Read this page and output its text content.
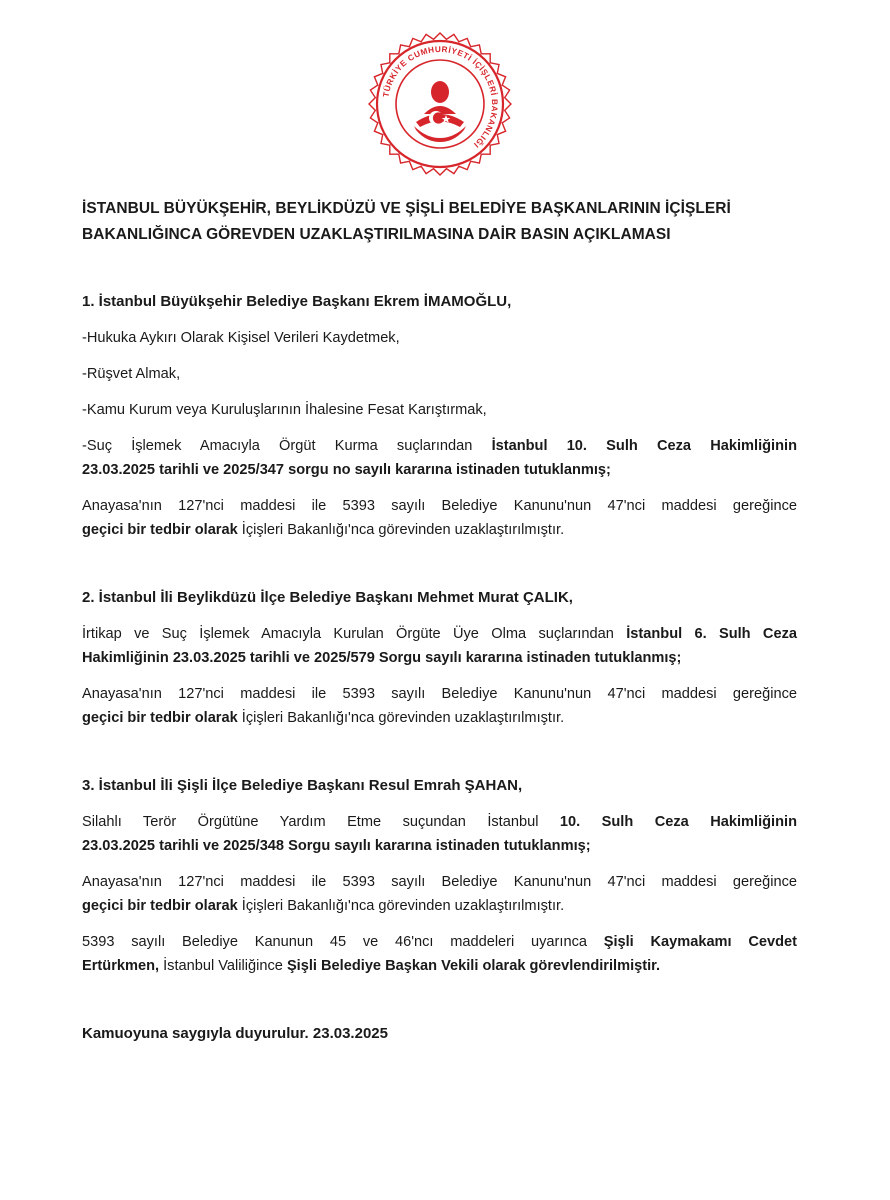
TÜRKİYE CUMHURİYETİ İÇİŞLERİ BAKANLIĞI
İSTANBUL BÜYÜKŞEHİR, BEYLİKDÜZÜ VE ŞİŞLİ BELEDİYE BAŞKANLARININ İÇİŞLERİ
BAKANLIĞINCA GÖREVDEN UZAKLAŞTIRILMASINA DAİR BASIN AÇIKLAMASI
1. İstanbul Büyükşehir Belediye Başkanı Ekrem İMAMOĞLU,
-Hukuka Aykırı Olarak Kişisel Verileri Kaydetmek,
-Rüşvet Almak,
-Kamu Kurum veya Kuruluşlarının İhalesine Fesat Karıştırmak,
-Suç İşlemek Amacıyla Örgüt Kurma suçlarından İstanbul 10. Sulh Ceza Hakimliğinin
23.03.2025 tarihli ve 2025/347 sorgu no sayılı kararına istinaden tutuklanmış;
Anayasa'nın 127'nci maddesi ile 5393 sayılı Belediye Kanunu'nun 47'nci maddesi gereğince
geçici bir tedbir olarak İçişleri Bakanlığı'nca görevinden uzaklaştırılmıştır.
2. İstanbul İli Beylikdüzü İlçe Belediye Başkanı Mehmet Murat ÇALIK,
İrtikap ve Suç İşlemek Amacıyla Kurulan Örgüte Üye Olma suçlarından İstanbul 6. Sulh Ceza
Hakimliğinin 23.03.2025 tarihli ve 2025/579 Sorgu sayılı kararına istinaden tutuklanmış;
Anayasa'nın 127'nci maddesi ile 5393 sayılı Belediye Kanunu'nun 47'nci maddesi gereğince
geçici bir tedbir olarak İçişleri Bakanlığı'nca görevinden uzaklaştırılmıştır.
3. İstanbul İli Şişli İlçe Belediye Başkanı Resul Emrah ŞAHAN,
Silahlı Terör Örgütüne Yardım Etme suçundan İstanbul 10. Sulh Ceza Hakimliğinin
23.03.2025 tarihli ve 2025/348 Sorgu sayılı kararına istinaden tutuklanmış;
Anayasa'nın 127'nci maddesi ile 5393 sayılı Belediye Kanunu'nun 47'nci maddesi gereğince
geçici bir tedbir olarak İçişleri Bakanlığı'nca görevinden uzaklaştırılmıştır.
5393 sayılı Belediye Kanunun 45 ve 46'ncı maddeleri uyarınca Şişli Kaymakamı Cevdet
Ertürkmen, İstanbul Valiliğince Şişli Belediye Başkan Vekili olarak görevlendirilmiştir.
Kamuoyuna saygıyla duyurulur. 23.03.2025
